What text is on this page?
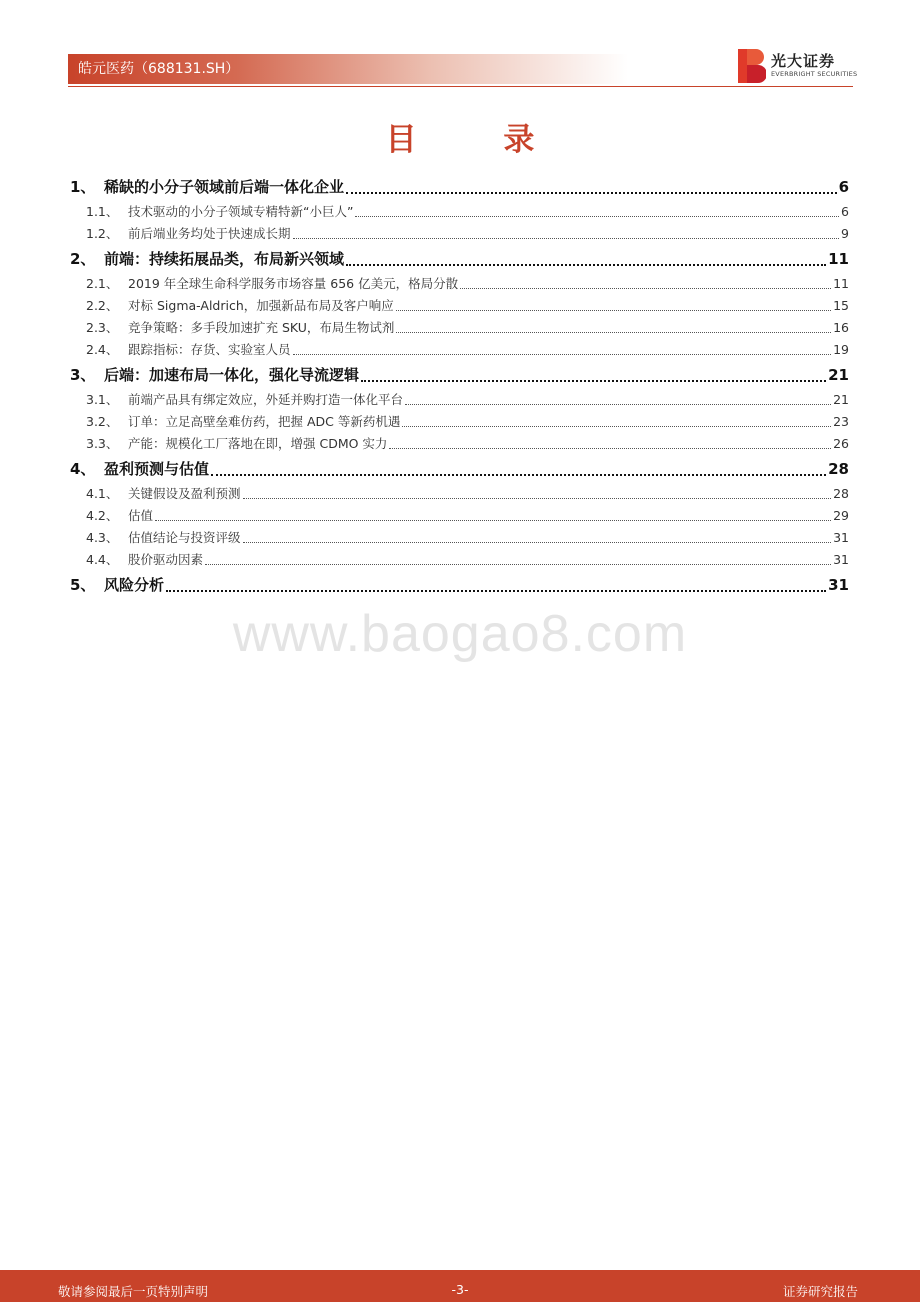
皓元医药（688131.SH）	光大证券
EVERBRIGHT SECURITIES
目 录
1、 稀缺的小分子领域前后端一体化企业	6
1.1、 技术驱动的小分子领域专精特新“小巨人”	6
1.2、 前后端业务均处于快速成长期	9
2、 前端：持续拓展品类，布局新兴领域	11
2.1、 2019 年全球生命科学服务市场容量 656 亿美元，格局分散	11
2.2、 对标 Sigma-Aldrich，加强新品布局及客户响应	15
2.3、 竞争策略：多手段加速扩充 SKU，布局生物试剂	16
2.4、 跟踪指标：存货、实验室人员	19
3、 后端：加速布局一体化，强化导流逻辑	21
3.1、 前端产品具有绑定效应，外延并购打造一体化平台	21
3.2、 订单：立足高壁垒难仿药，把握 ADC 等新药机遇	23
3.3、 产能：规模化工厂落地在即，增强 CDMO 实力	26
4、 盈利预测与估值	28
4.1、 关键假设及盈利预测	28
4.2、 估值	29
4.3、 估值结论与投资评级	31
4.4、 股价驱动因素	31
5、 风险分析	31
www.baogao8.com
敬请参阅最后一页特别声明	-3-	证券研究报告
